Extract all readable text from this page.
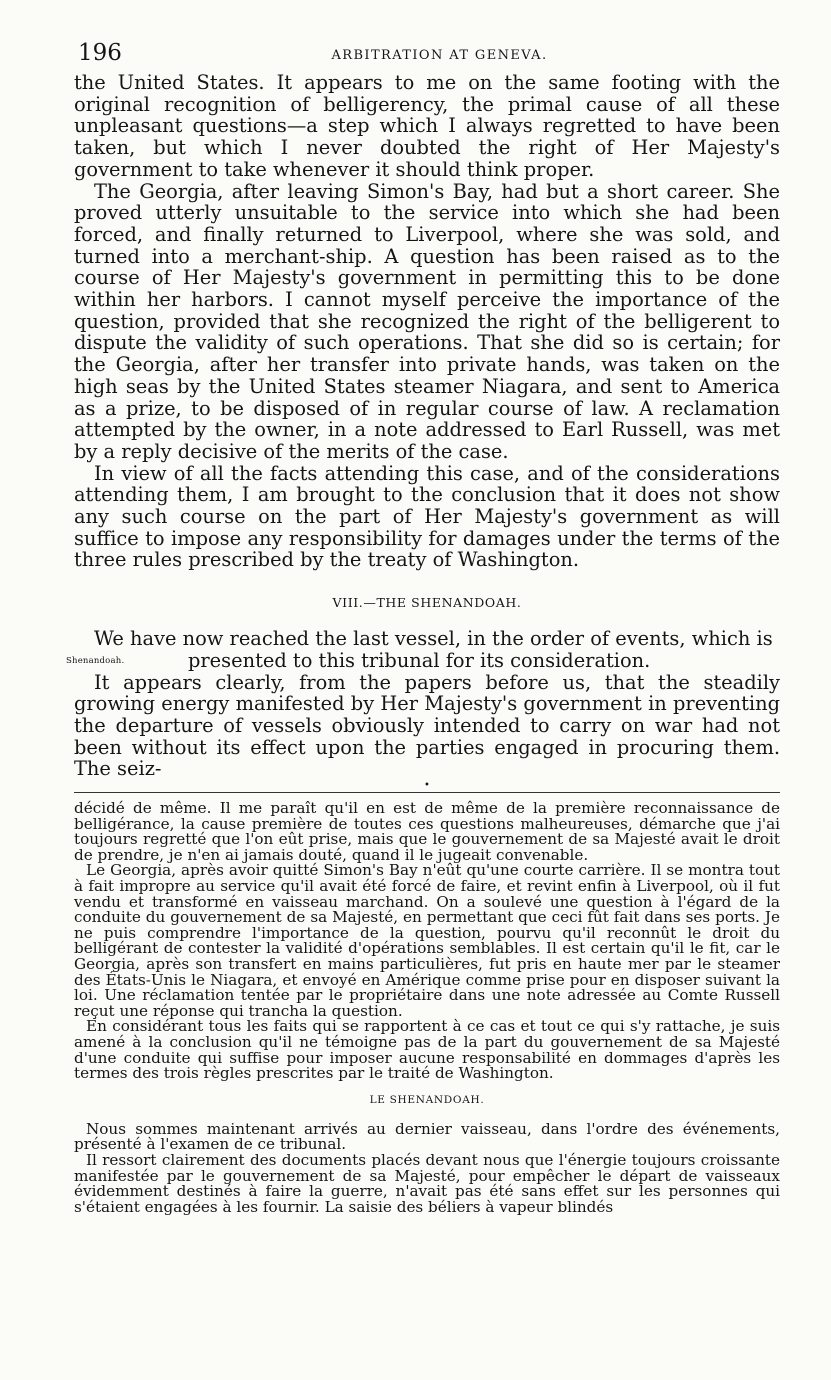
196	ARBITRATION AT GENEVA.

the United States. It appears to me on the same footing with the original recognition of belligerency, the primal cause of all these unpleasant questions—a step which I always regretted to have been taken, but which I never doubted the right of Her Majesty's government to take whenever it should think proper.

The Georgia, after leaving Simon's Bay, had but a short career. She proved utterly unsuitable to the service into which she had been forced, and finally returned to Liverpool, where she was sold, and turned into a merchant-ship. A question has been raised as to the course of Her Majesty's government in permitting this to be done within her harbors. I cannot myself perceive the importance of the question, provided that she recognized the right of the belligerent to dispute the validity of such operations. That she did so is certain; for the Georgia, after her transfer into private hands, was taken on the high seas by the United States steamer Niagara, and sent to America as a prize, to be disposed of in regular course of law. A reclamation attempted by the owner, in a note addressed to Earl Russell, was met by a reply decisive of the merits of the case.

In view of all the facts attending this case, and of the considerations attending them, I am brought to the conclusion that it does not show any such course on the part of Her Majesty's government as will suffice to impose any responsibility for damages under the terms of the three rules prescribed by the treaty of Washington.

VIII.—THE SHENANDOAH.
Shenandoah.

We have now reached the last vessel, in the order of events, which is

presented to this tribunal for its consideration.

It appears clearly, from the papers before us, that the steadily growing energy manifested by Her Majesty's government in preventing the departure of vessels obviously intended to carry on war had not been without its effect upon the parties engaged in procuring them. The seiz-

•

décidé de même. Il me paraît qu'il en est de même de la première reconnaissance de belligérance, la cause première de toutes ces questions malheureuses, démarche que j'ai toujours regretté que l'on eût prise, mais que le gouvernement de sa Majesté avait le droit de prendre, je n'en ai jamais douté, quand il le jugeait convenable.

Le Georgia, après avoir quitté Simon's Bay n'eût qu'une courte carrière. Il se montra tout à fait impropre au service qu'il avait été forcé de faire, et revint enfin à Liverpool, où il fut vendu et transformé en vaisseau marchand. On a soulevé une question à l'égard de la conduite du gouvernement de sa Majesté, en permettant que ceci fût fait dans ses ports. Je ne puis comprendre l'importance de la question, pourvu qu'il reconnût le droit du belligérant de contester la validité d'opérations semblables. Il est certain qu'il le fit, car le Georgia, après son transfert en mains particulières, fut pris en haute mer par le steamer des États-Unis le Niagara, et envoyé en Amérique comme prise pour en disposer suivant la loi. Une réclamation tentée par le propriétaire dans une note adressée au Comte Russell reçut une réponse qui trancha la question.

En considérant tous les faits qui se rapportent à ce cas et tout ce qui s'y rattache, je suis amené à la conclusion qu'il ne témoigne pas de la part du gouvernement de sa Majesté d'une conduite qui suffise pour imposer aucune responsabilité en dommages d'après les termes des trois règles prescrites par le traité de Washington.

LE SHENANDOAH.

Nous sommes maintenant arrivés au dernier vaisseau, dans l'ordre des événements, présenté à l'examen de ce tribunal.

Il ressort clairement des documents placés devant nous que l'énergie toujours croissante manifestée par le gouvernement de sa Majesté, pour empêcher le départ de vaisseaux évidemment destinés à faire la guerre, n'avait pas été sans effet sur les personnes qui s'étaient engagées à les fournir. La saisie des béliers à vapeur blindés
